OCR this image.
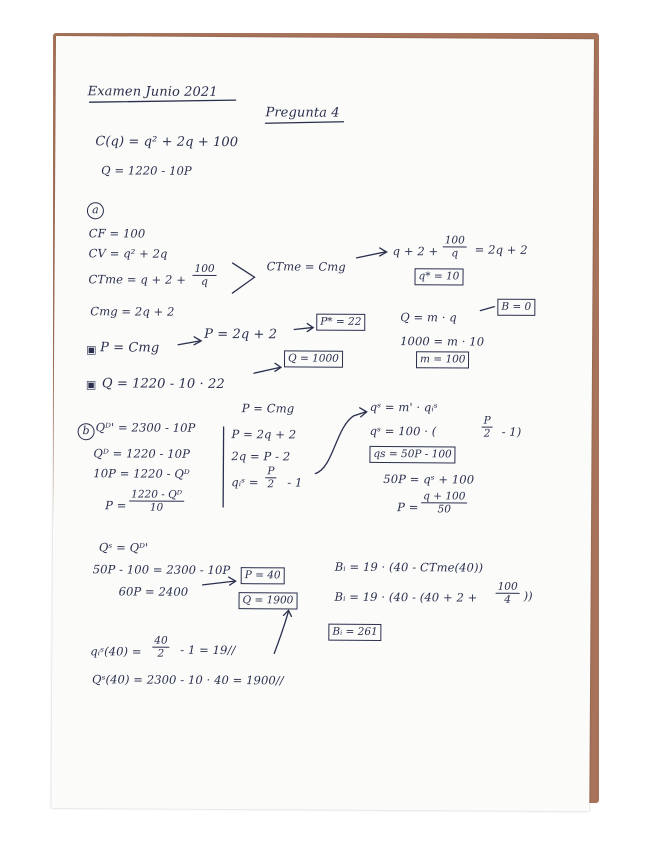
Examen Junio 2021
Pregunta 4
C(q) = q² + 2q + 100
Q = 1220 - 10P
a
CF = 100
CV = q² + 2q
CTme = $q + 2 + \frac{100}{q}$	CTme = Cmg
$q + 2 + \frac{100}{q} = 2q + 2$
q* = 10
Cmg = 2q + 2	Q = m · q
B = 0
1000 = m · 10
m = 100
▣ P = Cmg
P = 2q + 2
P* = 22
▣ Q = 1220 - 10 · 22
Q = 1000
b Qᴰ' = 2300 - 10P
Qᴰ = 1220 - 10P
10P = 1220 - Qᴰ
$P = \frac{\text{1220 - Qᴰ}}{10}$
P = Cmg
P = 2q + 2
2q = P - 2
qᵢˢ = $\frac{P}{2} - 1$
qˢ = m' · qᵢˢ
qˢ = 100 · (	$\frac{P}{2} - 1$)
qs = 50P - 100
50P = qˢ + 100
$P = \frac{q + 100}{50}$
Qˢ = Qᴰ'
50P - 100 = 2300 - 10P
60P = 2400
P = 40
Q = 1900
Bᵢ = 19 · (40 - CTme(40))
Bᵢ = $19 \cdot (40 - (40 + 2 + \frac{100}{4}$ ))
Bᵢ = 261
qᵢˢ(40) = $\frac{40}{2} - 1 = 19//$
Qˢ(40) = 2300 - 10 · 40 = 1900//
